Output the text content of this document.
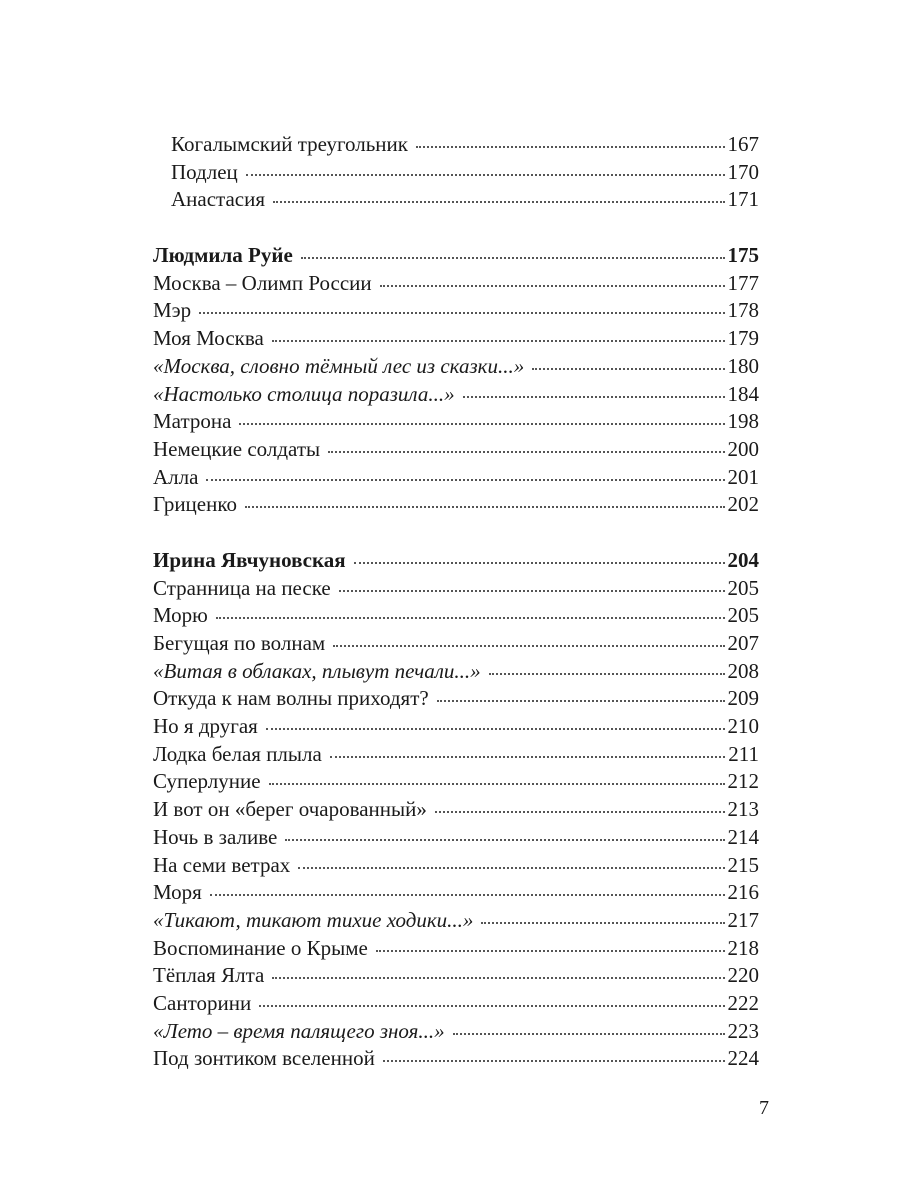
Когалымский треугольник	167
Подлец	170
Анастасия	171
Людмила Руйе	175
Москва – Олимп России	177
Мэр	178
Моя Москва	179
«Москва, словно тёмный лес из сказки...»	180
«Настолько столица поразила...»	184
Матрона	198
Немецкие солдаты	200
Алла	201
Гриценко	202
Ирина Явчуновская	204
Странница на песке	205
Морю	205
Бегущая по волнам	207
«Витая в облаках, плывут печали...»	208
Откуда к нам волны приходят?	209
Но я другая	210
Лодка белая плыла	211
Суперлуние	212
И вот он «берег очарованный»	213
Ночь в заливе	214
На семи ветрах	215
Моря	216
«Тикают, тикают тихие ходики...»	217
Воспоминание о Крыме	218
Тёплая Ялта	220
Санторини	222
«Лето – время палящего зноя...»	223
Под зонтиком вселенной	224
7
